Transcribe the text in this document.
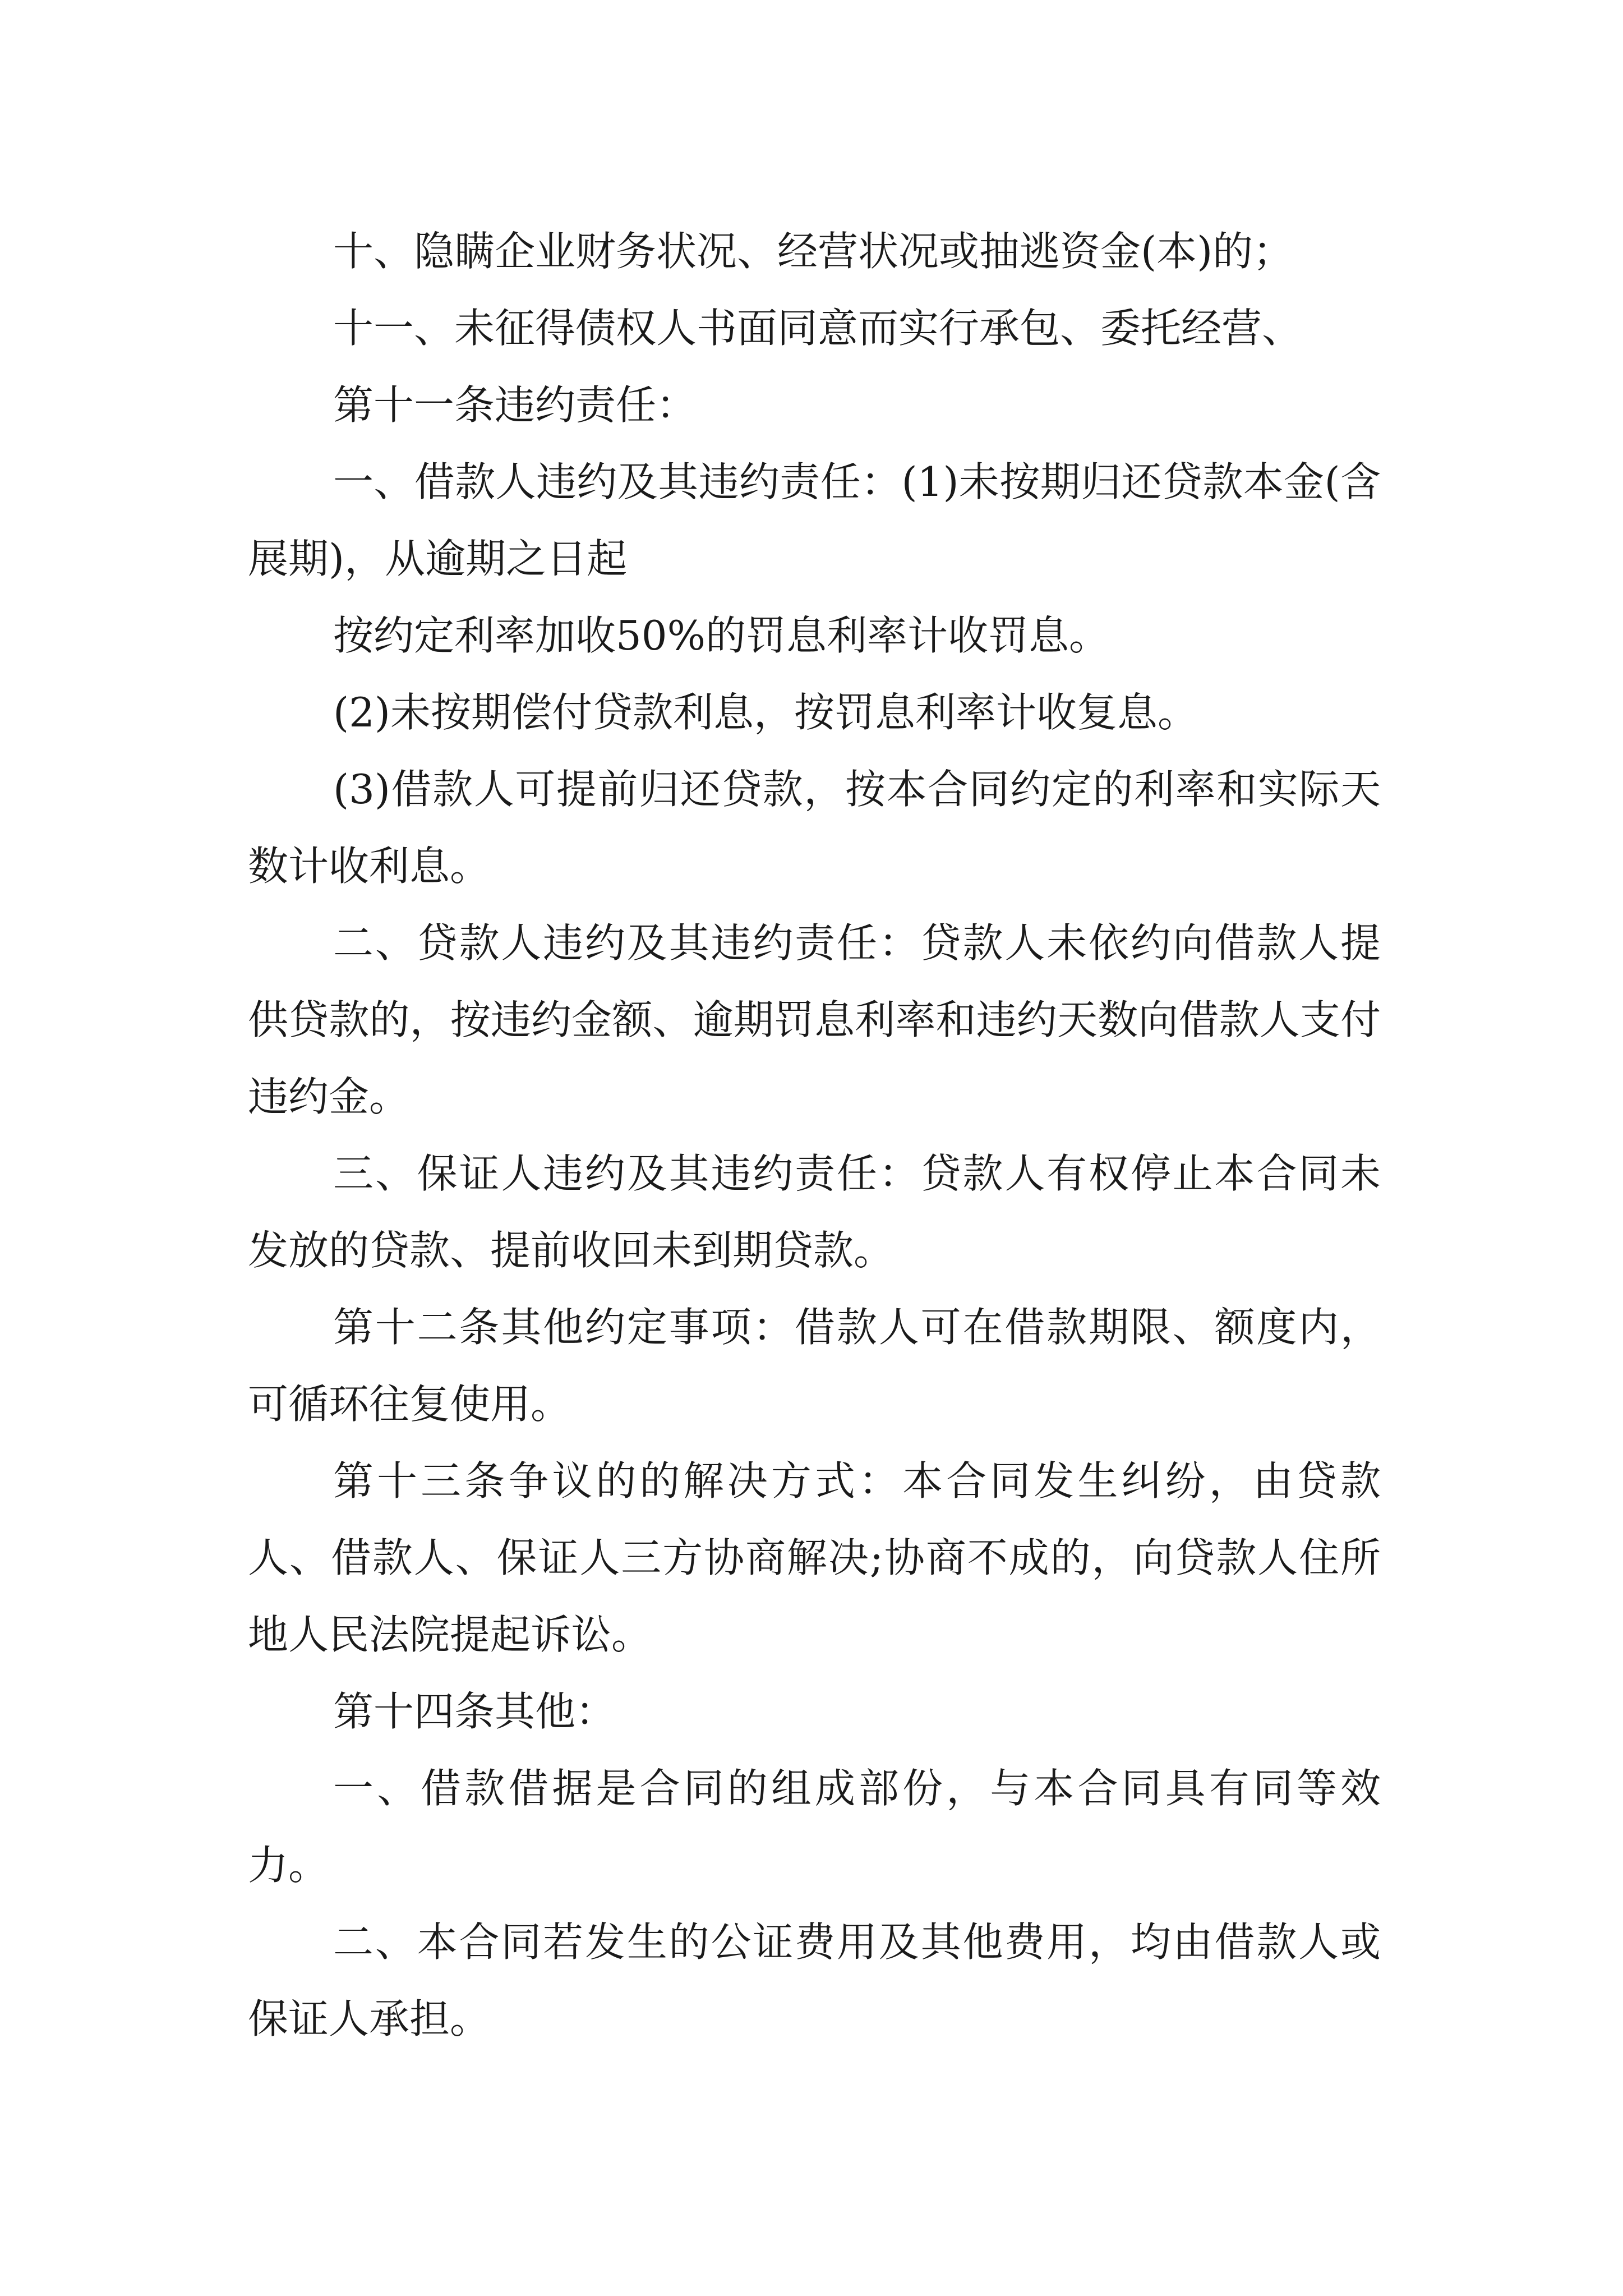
十、隐瞒企业财务状况、经营状况或抽逃资金(本)的；

十一、未征得债权人书面同意而实行承包、委托经营、

第十一条违约责任：

一、借款人违约及其违约责任：(1)未按期归还贷款本金(含展期)，从逾期之日起

按约定利率加收50%的罚息利率计收罚息。

(2)未按期偿付贷款利息，按罚息利率计收复息。

(3)借款人可提前归还贷款，按本合同约定的利率和实际天数计收利息。

二、贷款人违约及其违约责任：贷款人未依约向借款人提供贷款的，按违约金额、逾期罚息利率和违约天数向借款人支付违约金。

三、保证人违约及其违约责任：贷款人有权停止本合同未发放的贷款、提前收回未到期贷款。

第十二条其他约定事项：借款人可在借款期限、额度内，可循环往复使用。

第十三条争议的的解决方式：本合同发生纠纷，由贷款人、借款人、保证人三方协商解决;协商不成的，向贷款人住所地人民法院提起诉讼。

第十四条其他：

一、借款借据是合同的组成部份，与本合同具有同等效力。

二、本合同若发生的公证费用及其他费用，均由借款人或保证人承担。
